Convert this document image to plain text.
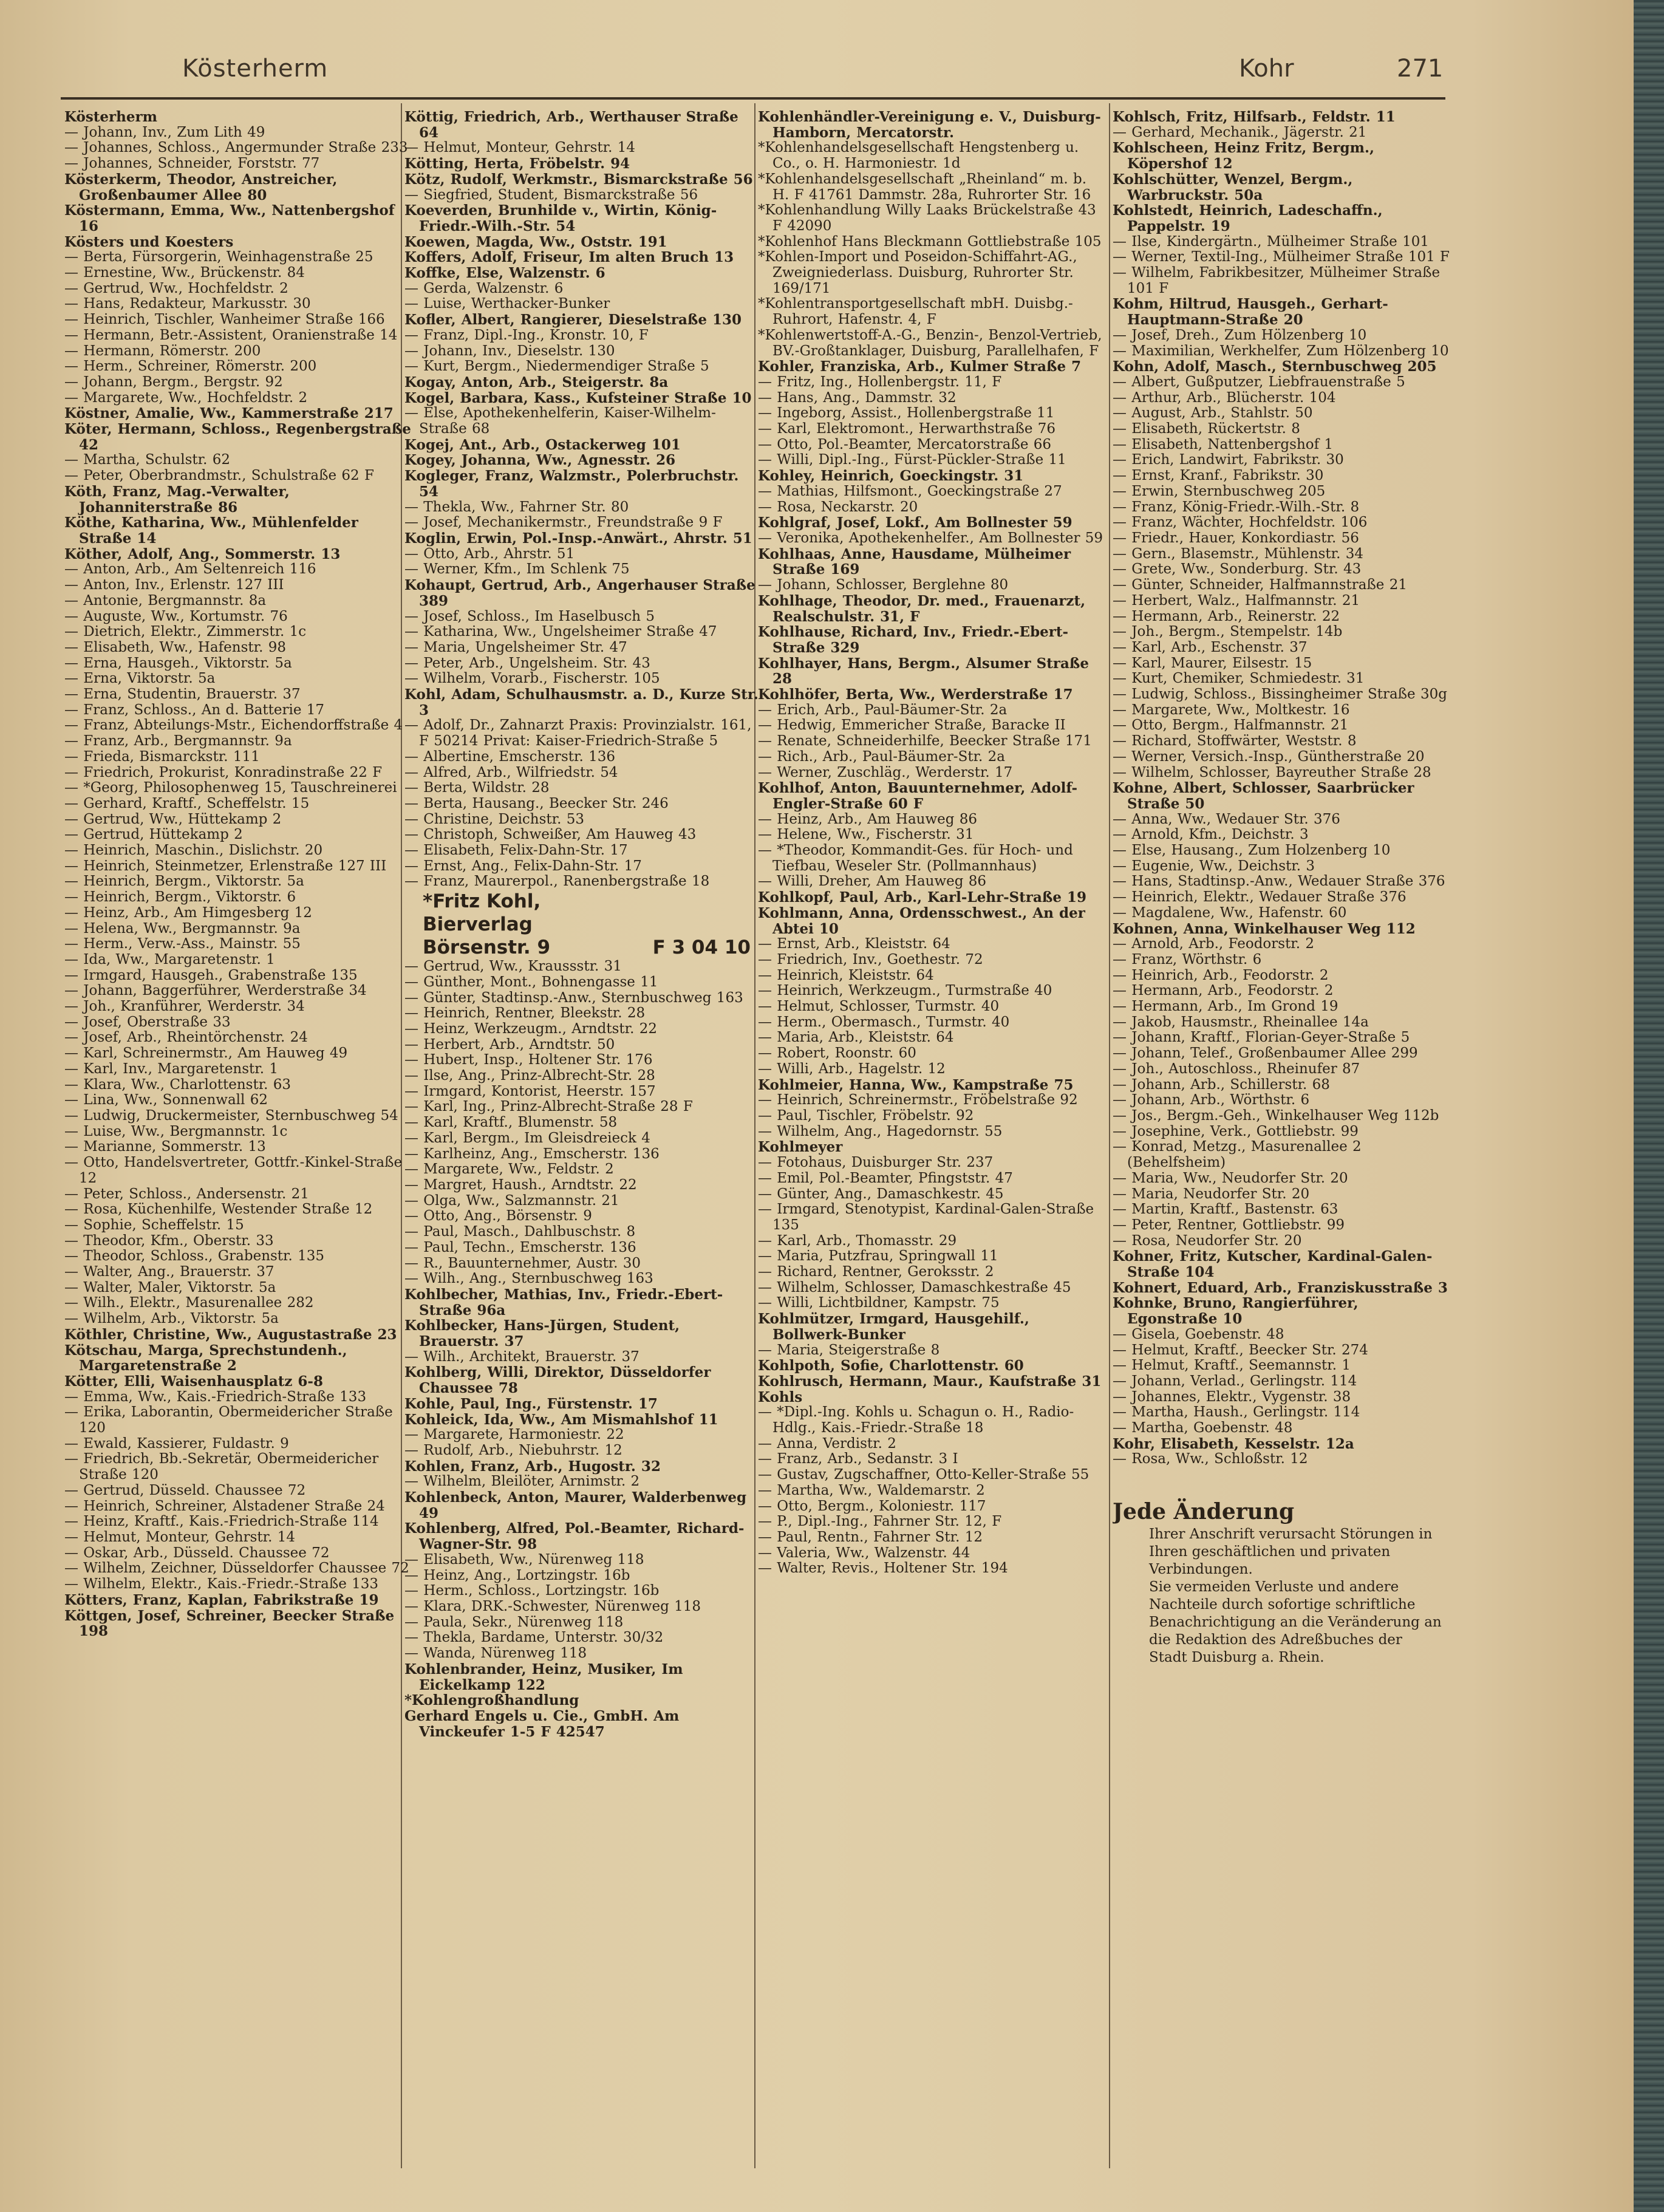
Kösterherm	Kohr	271
Kösterherm
— Johann, Inv., Zum Lith 49
— Johannes, Schloss., Angermunder Straße 233
— Johannes, Schneider, Forststr. 77
Kösterkerm, Theodor, Anstreicher, Großenbaumer Allee 80
Köstermann, Emma, Ww., Nattenbergshof 16
Kösters und Koesters
— Berta, Fürsorgerin, Weinhagenstraße 25
— Ernestine, Ww., Brückenstr. 84
— Gertrud, Ww., Hochfeldstr. 2
— Hans, Redakteur, Markusstr. 30
— Heinrich, Tischler, Wanheimer Straße 166
— Hermann, Betr.-Assistent, Oranienstraße 14
— Hermann, Römerstr. 200
— Herm., Schreiner, Römerstr. 200
— Johann, Bergm., Bergstr. 92
— Margarete, Ww., Hochfeldstr. 2
Köstner, Amalie, Ww., Kammerstraße 217
Köter, Hermann, Schloss., Regenbergstraße 42
— Martha, Schulstr. 62
— Peter, Oberbrandmstr., Schulstraße 62 F
Köth, Franz, Mag.-Verwalter, Johanniterstraße 86
Köthe, Katharina, Ww., Mühlenfelder Straße 14
Köther, Adolf, Ang., Sommerstr. 13
— Anton, Arb., Am Seltenreich 116
— Anton, Inv., Erlenstr. 127 III
— Antonie, Bergmannstr. 8a
— Auguste, Ww., Kortumstr. 76
— Dietrich, Elektr., Zimmerstr. 1c
— Elisabeth, Ww., Hafenstr. 98
— Erna, Hausgeh., Viktorstr. 5a
— Erna, Viktorstr. 5a
— Erna, Studentin, Brauerstr. 37
— Franz, Schloss., An d. Batterie 17
— Franz, Abteilungs-Mstr., Eichendorffstraße 4
— Franz, Arb., Bergmannstr. 9a
— Frieda, Bismarckstr. 111
— Friedrich, Prokurist, Konradinstraße 22 F
— *Georg, Philosophenweg 15, Tauschreinerei
— Gerhard, Kraftf., Scheffelstr. 15
— Gertrud, Ww., Hüttekamp 2
— Gertrud, Hüttekamp 2
— Heinrich, Maschin., Dislichstr. 20
— Heinrich, Steinmetzer, Erlenstraße 127 III
— Heinrich, Bergm., Viktorstr. 5a
— Heinrich, Bergm., Viktorstr. 6
— Heinz, Arb., Am Himgesberg 12
— Helena, Ww., Bergmannstr. 9a
— Herm., Verw.-Ass., Mainstr. 55
— Ida, Ww., Margaretenstr. 1
— Irmgard, Hausgeh., Grabenstraße 135
— Johann, Baggerführer, Werderstraße 34
— Joh., Kranführer, Werderstr. 34
— Josef, Oberstraße 33
— Josef, Arb., Rheintörchenstr. 24
— Karl, Schreinermstr., Am Hauweg 49
— Karl, Inv., Margaretenstr. 1
— Klara, Ww., Charlottenstr. 63
— Lina, Ww., Sonnenwall 62
— Ludwig, Druckermeister, Sternbuschweg 54
— Luise, Ww., Bergmannstr. 1c
— Marianne, Sommerstr. 13
— Otto, Handelsvertreter, Gottfr.-Kinkel-Straße 12
— Peter, Schloss., Andersenstr. 21
— Rosa, Küchenhilfe, Westender Straße 12
— Sophie, Scheffelstr. 15
— Theodor, Kfm., Oberstr. 33
— Theodor, Schloss., Grabenstr. 135
— Walter, Ang., Brauerstr. 37
— Walter, Maler, Viktorstr. 5a
— Wilh., Elektr., Masurenallee 282
— Wilhelm, Arb., Viktorstr. 5a
Köthler, Christine, Ww., Augustastraße 23
Kötschau, Marga, Sprechstundenh., Margaretenstraße 2
Kötter, Elli, Waisenhausplatz 6-8
— Emma, Ww., Kais.-Friedrich-Straße 133
— Erika, Laborantin, Obermeidericher Straße 120
— Ewald, Kassierer, Fuldastr. 9
— Friedrich, Bb.-Sekretär, Obermeidericher Straße 120
— Gertrud, Düsseld. Chaussee 72
— Heinrich, Schreiner, Alstadener Straße 24
— Heinz, Kraftf., Kais.-Friedrich-Straße 114
— Helmut, Monteur, Gehrstr. 14
— Oskar, Arb., Düsseld. Chaussee 72
— Wilhelm, Zeichner, Düsseldorfer Chaussee 72
— Wilhelm, Elektr., Kais.-Friedr.-Straße 133
Kötters, Franz, Kaplan, Fabrikstraße 19
Köttgen, Josef, Schreiner, Beecker Straße 198
Köttig, Friedrich, Arb., Werthauser Straße 64
— Helmut, Monteur, Gehrstr. 14
Kötting, Herta, Fröbelstr. 94
Kötz, Rudolf, Werkmstr., Bismarckstraße 56
— Siegfried, Student, Bismarckstraße 56
Koeverden, Brunhilde v., Wirtin, König-Friedr.-Wilh.-Str. 54
Koewen, Magda, Ww., Oststr. 191
Koffers, Adolf, Friseur, Im alten Bruch 13
Koffke, Else, Walzenstr. 6
— Gerda, Walzenstr. 6
— Luise, Werthacker-Bunker
Kofler, Albert, Rangierer, Dieselstraße 130
— Franz, Dipl.-Ing., Kronstr. 10, F
— Johann, Inv., Dieselstr. 130
— Kurt, Bergm., Niedermendiger Straße 5
Kogay, Anton, Arb., Steigerstr. 8a
Kogel, Barbara, Kass., Kufsteiner Straße 10
— Else, Apothekenhelferin, Kaiser-Wilhelm-Straße 68
Kogej, Ant., Arb., Ostackerweg 101
Kogey, Johanna, Ww., Agnesstr. 26
Kogleger, Franz, Walzmstr., Polerbruchstr. 54
— Thekla, Ww., Fahrner Str. 80
— Josef, Mechanikermstr., Freundstraße 9 F
Koglin, Erwin, Pol.-Insp.-Anwärt., Ahrstr. 51
— Otto, Arb., Ahrstr. 51
— Werner, Kfm., Im Schlenk 75
Kohaupt, Gertrud, Arb., Angerhauser Straße 389
— Josef, Schloss., Im Haselbusch 5
— Katharina, Ww., Ungelsheimer Straße 47
— Maria, Ungelsheimer Str. 47
— Peter, Arb., Ungelsheim. Str. 43
— Wilhelm, Vorarb., Fischerstr. 105
Kohl, Adam, Schulhausmstr. a. D., Kurze Str. 3
— Adolf, Dr., Zahnarzt Praxis: Provinzialstr. 161, F 50214 Privat: Kaiser-Friedrich-Straße 5
— Albertine, Emscherstr. 136
— Alfred, Arb., Wilfriedstr. 54
— Berta, Wildstr. 28
— Berta, Hausang., Beecker Str. 246
— Christine, Deichstr. 53
— Christoph, Schweißer, Am Hauweg 43
— Elisabeth, Felix-Dahn-Str. 17
— Ernst, Ang., Felix-Dahn-Str. 17
— Franz, Maurerpol., Ranenbergstraße 18
*Fritz Kohl,
Bierverlag
Börsenstr. 9	F 3 04 10
— Gertrud, Ww., Kraussstr. 31
— Günther, Mont., Bohnengasse 11
— Günter, Stadtinsp.-Anw., Sternbuschweg 163
— Heinrich, Rentner, Bleekstr. 28
— Heinz, Werkzeugm., Arndtstr. 22
— Herbert, Arb., Arndtstr. 50
— Hubert, Insp., Holtener Str. 176
— Ilse, Ang., Prinz-Albrecht-Str. 28
— Irmgard, Kontorist, Heerstr. 157
— Karl, Ing., Prinz-Albrecht-Straße 28 F
— Karl, Kraftf., Blumenstr. 58
— Karl, Bergm., Im Gleisdreieck 4
— Karlheinz, Ang., Emscherstr. 136
— Margarete, Ww., Feldstr. 2
— Margret, Haush., Arndtstr. 22
— Olga, Ww., Salzmannstr. 21
— Otto, Ang., Börsenstr. 9
— Paul, Masch., Dahlbuschstr. 8
— Paul, Techn., Emscherstr. 136
— R., Bauunternehmer, Austr. 30
— Wilh., Ang., Sternbuschweg 163
Kohlbecher, Mathias, Inv., Friedr.-Ebert-Straße 96a
Kohlbecker, Hans-Jürgen, Student, Brauerstr. 37
— Wilh., Architekt, Brauerstr. 37
Kohlberg, Willi, Direktor, Düsseldorfer Chaussee 78
Kohle, Paul, Ing., Fürstenstr. 17
Kohleick, Ida, Ww., Am Mismahlshof 11
— Margarete, Harmoniestr. 22
— Rudolf, Arb., Niebuhrstr. 12
Kohlen, Franz, Arb., Hugostr. 32
— Wilhelm, Bleilöter, Arnimstr. 2
Kohlenbeck, Anton, Maurer, Walderbenweg 49
Kohlenberg, Alfred, Pol.-Beamter, Richard-Wagner-Str. 98
— Elisabeth, Ww., Nürenweg 118
— Heinz, Ang., Lortzingstr. 16b
— Herm., Schloss., Lortzingstr. 16b
— Klara, DRK.-Schwester, Nürenweg 118
— Paula, Sekr., Nürenweg 118
— Thekla, Bardame, Unterstr. 30/32
— Wanda, Nürenweg 118
Kohlenbrander, Heinz, Musiker, Im Eickelkamp 122
*Kohlengroßhandlung
Gerhard Engels u. Cie., GmbH. Am Vinckeufer 1-5 F 42547
Kohlenhändler-Vereinigung e. V., Duisburg-Hamborn, Mercatorstr.
*Kohlenhandelsgesellschaft Hengstenberg u. Co., o. H. Harmoniestr. 1d
*Kohlenhandelsgesellschaft „Rheinland“ m. b. H. F 41761 Dammstr. 28a, Ruhrorter Str. 16
*Kohlenhandlung Willy Laaks Brückelstraße 43 F 42090
*Kohlenhof Hans Bleckmann Gottliebstraße 105
*Kohlen-Import und Poseidon-Schiffahrt-AG., Zweigniederlass. Duisburg, Ruhrorter Str. 169/171
*Kohlentransportgesellschaft mbH. Duisbg.-Ruhrort, Hafenstr. 4, F
*Kohlenwertstoff-A.-G., Benzin-, Benzol-Vertrieb, BV.-Großtanklager, Duisburg, Parallelhafen, F
Kohler, Franziska, Arb., Kulmer Straße 7
— Fritz, Ing., Hollenbergstr. 11, F
— Hans, Ang., Dammstr. 32
— Ingeborg, Assist., Hollenbergstraße 11
— Karl, Elektromont., Herwarthstraße 76
— Otto, Pol.-Beamter, Mercatorstraße 66
— Willi, Dipl.-Ing., Fürst-Pückler-Straße 11
Kohley, Heinrich, Goeckingstr. 31
— Mathias, Hilfsmont., Goeckingstraße 27
— Rosa, Neckarstr. 20
Kohlgraf, Josef, Lokf., Am Bollnester 59
— Veronika, Apothekenhelfer., Am Bollnester 59
Kohlhaas, Anne, Hausdame, Mülheimer Straße 169
— Johann, Schlosser, Berglehne 80
Kohlhage, Theodor, Dr. med., Frauenarzt, Realschulstr. 31, F
Kohlhause, Richard, Inv., Friedr.-Ebert-Straße 329
Kohlhayer, Hans, Bergm., Alsumer Straße 28
Kohlhöfer, Berta, Ww., Werderstraße 17
— Erich, Arb., Paul-Bäumer-Str. 2a
— Hedwig, Emmericher Straße, Baracke II
— Renate, Schneiderhilfe, Beecker Straße 171
— Rich., Arb., Paul-Bäumer-Str. 2a
— Werner, Zuschläg., Werderstr. 17
Kohlhof, Anton, Bauunternehmer, Adolf-Engler-Straße 60 F
— Heinz, Arb., Am Hauweg 86
— Helene, Ww., Fischerstr. 31
— *Theodor, Kommandit-Ges. für Hoch- und Tiefbau, Weseler Str. (Pollmannhaus)
— Willi, Dreher, Am Hauweg 86
Kohlkopf, Paul, Arb., Karl-Lehr-Straße 19
Kohlmann, Anna, Ordensschwest., An der Abtei 10
— Ernst, Arb., Kleiststr. 64
— Friedrich, Inv., Goethestr. 72
— Heinrich, Kleiststr. 64
— Heinrich, Werkzeugm., Turmstraße 40
— Helmut, Schlosser, Turmstr. 40
— Herm., Obermasch., Turmstr. 40
— Maria, Arb., Kleiststr. 64
— Robert, Roonstr. 60
— Willi, Arb., Hagelstr. 12
Kohlmeier, Hanna, Ww., Kampstraße 75
— Heinrich, Schreinermstr., Fröbelstraße 92
— Paul, Tischler, Fröbelstr. 92
— Wilhelm, Ang., Hagedornstr. 55
Kohlmeyer
— Fotohaus, Duisburger Str. 237
— Emil, Pol.-Beamter, Pfingststr. 47
— Günter, Ang., Damaschkestr. 45
— Irmgard, Stenotypist, Kardinal-Galen-Straße 135
— Karl, Arb., Thomasstr. 29
— Maria, Putzfrau, Springwall 11
— Richard, Rentner, Geroksstr. 2
— Wilhelm, Schlosser, Damaschkestraße 45
— Willi, Lichtbildner, Kampstr. 75
Kohlmützer, Irmgard, Hausgehilf., Bollwerk-Bunker
— Maria, Steigerstraße 8
Kohlpoth, Sofie, Charlottenstr. 60
Kohlrusch, Hermann, Maur., Kaufstraße 31
Kohls
— *Dipl.-Ing. Kohls u. Schagun o. H., Radio-Hdlg., Kais.-Friedr.-Straße 18
— Anna, Verdistr. 2
— Franz, Arb., Sedanstr. 3 I
— Gustav, Zugschaffner, Otto-Keller-Straße 55
— Martha, Ww., Waldemarstr. 2
— Otto, Bergm., Koloniestr. 117
— P., Dipl.-Ing., Fahrner Str. 12, F
— Paul, Rentn., Fahrner Str. 12
— Valeria, Ww., Walzenstr. 44
— Walter, Revis., Holtener Str. 194
Kohlsch, Fritz, Hilfsarb., Feldstr. 11
— Gerhard, Mechanik., Jägerstr. 21
Kohlscheen, Heinz Fritz, Bergm., Köpershof 12
Kohlschütter, Wenzel, Bergm., Warbruckstr. 50a
Kohlstedt, Heinrich, Ladeschaffn., Pappelstr. 19
— Ilse, Kindergärtn., Mülheimer Straße 101
— Werner, Textil-Ing., Mülheimer Straße 101 F
— Wilhelm, Fabrikbesitzer, Mülheimer Straße 101 F
Kohm, Hiltrud, Hausgeh., Gerhart-Hauptmann-Straße 20
— Josef, Dreh., Zum Hölzenberg 10
— Maximilian, Werkhelfer, Zum Hölzenberg 10
Kohn, Adolf, Masch., Sternbuschweg 205
— Albert, Gußputzer, Liebfrauenstraße 5
— Arthur, Arb., Blücherstr. 104
— August, Arb., Stahlstr. 50
— Elisabeth, Rückertstr. 8
— Elisabeth, Nattenbergshof 1
— Erich, Landwirt, Fabrikstr. 30
— Ernst, Kranf., Fabrikstr. 30
— Erwin, Sternbuschweg 205
— Franz, König-Friedr.-Wilh.-Str. 8
— Franz, Wächter, Hochfeldstr. 106
— Friedr., Hauer, Konkordiastr. 56
— Gern., Blasemstr., Mühlenstr. 34
— Grete, Ww., Sonderburg. Str. 43
— Günter, Schneider, Halfmannstraße 21
— Herbert, Walz., Halfmannstr. 21
— Hermann, Arb., Reinerstr. 22
— Joh., Bergm., Stempelstr. 14b
— Karl, Arb., Eschenstr. 37
— Karl, Maurer, Eilsestr. 15
— Kurt, Chemiker, Schmiedestr. 31
— Ludwig, Schloss., Bissingheimer Straße 30g
— Margarete, Ww., Moltkestr. 16
— Otto, Bergm., Halfmannstr. 21
— Richard, Stoffwärter, Weststr. 8
— Werner, Versich.-Insp., Güntherstraße 20
— Wilhelm, Schlosser, Bayreuther Straße 28
Kohne, Albert, Schlosser, Saarbrücker Straße 50
— Anna, Ww., Wedauer Str. 376
— Arnold, Kfm., Deichstr. 3
— Else, Hausang., Zum Holzenberg 10
— Eugenie, Ww., Deichstr. 3
— Hans, Stadtinsp.-Anw., Wedauer Straße 376
— Heinrich, Elektr., Wedauer Straße 376
— Magdalene, Ww., Hafenstr. 60
Kohnen, Anna, Winkelhauser Weg 112
— Arnold, Arb., Feodorstr. 2
— Franz, Wörthstr. 6
— Heinrich, Arb., Feodorstr. 2
— Hermann, Arb., Feodorstr. 2
— Hermann, Arb., Im Grond 19
— Jakob, Hausmstr., Rheinallee 14a
— Johann, Kraftf., Florian-Geyer-Straße 5
— Johann, Telef., Großenbaumer Allee 299
— Joh., Autoschloss., Rheinufer 87
— Johann, Arb., Schillerstr. 68
— Johann, Arb., Wörthstr. 6
— Jos., Bergm.-Geh., Winkelhauser Weg 112b
— Josephine, Verk., Gottliebstr. 99
— Konrad, Metzg., Masurenallee 2 (Behelfsheim)
— Maria, Ww., Neudorfer Str. 20
— Maria, Neudorfer Str. 20
— Martin, Kraftf., Bastenstr. 63
— Peter, Rentner, Gottliebstr. 99
— Rosa, Neudorfer Str. 20
Kohner, Fritz, Kutscher, Kardinal-Galen-Straße 104
Kohnert, Eduard, Arb., Franziskusstraße 3
Kohnke, Bruno, Rangierführer, Egonstraße 10
— Gisela, Goebenstr. 48
— Helmut, Kraftf., Beecker Str. 274
— Helmut, Kraftf., Seemannstr. 1
— Johann, Verlad., Gerlingstr. 114
— Johannes, Elektr., Vygenstr. 38
— Martha, Haush., Gerlingstr. 114
— Martha, Goebenstr. 48
Kohr, Elisabeth, Kesselstr. 12a
— Rosa, Ww., Schloßstr. 12
Jede Änderung
Ihrer Anschrift verursacht Störungen in Ihren geschäftlichen und privaten Verbindungen.
Sie vermeiden Verluste und andere Nachteile durch sofortige schriftliche Benachrichtigung an die Veränderung an die Redaktion des Adreßbuches der Stadt Duisburg a. Rhein.
